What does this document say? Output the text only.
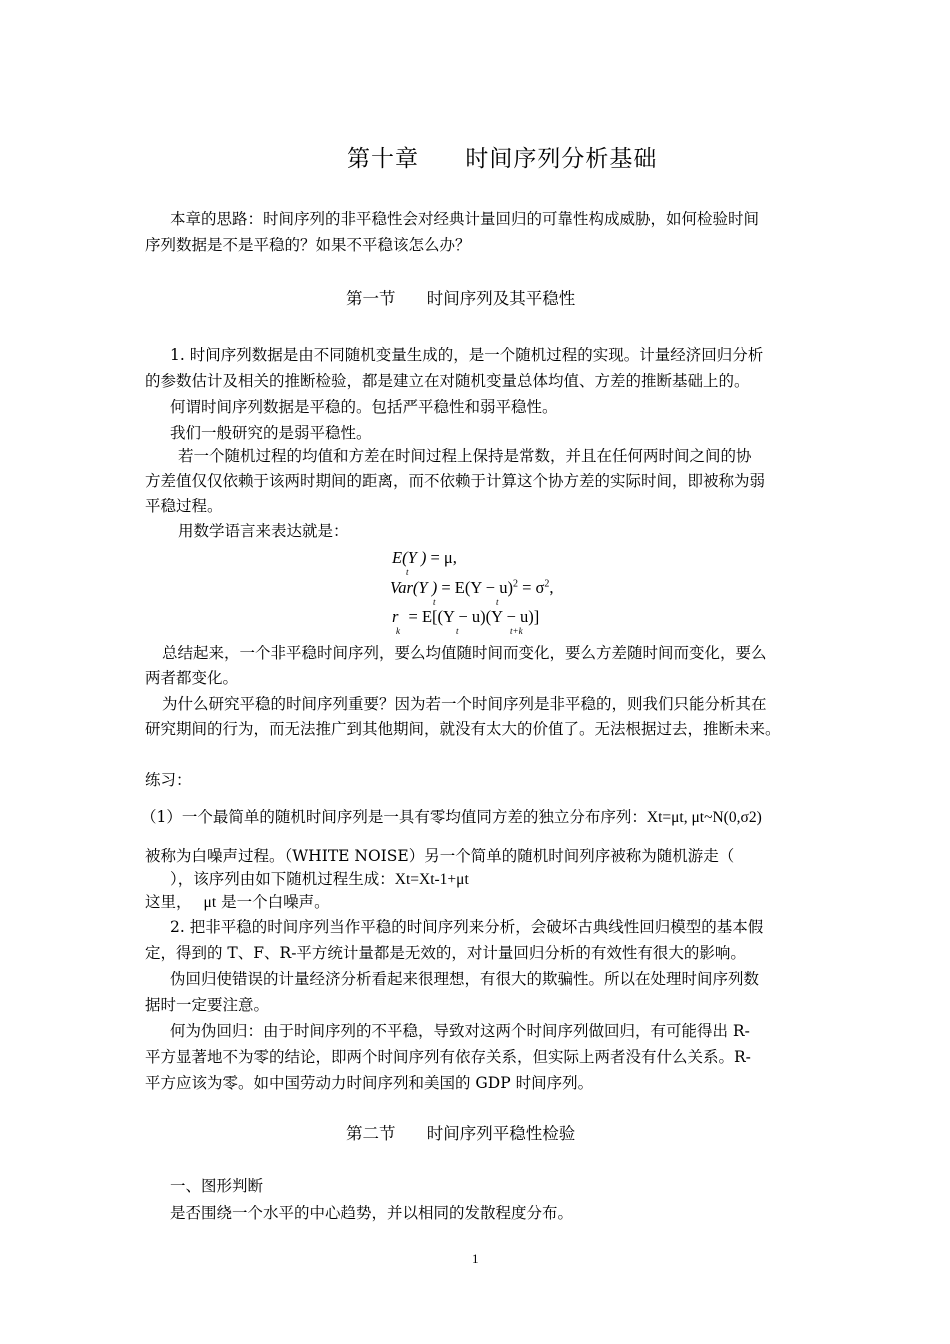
第十章 时间序列分析基础
本章的思路：时间序列的非平稳性会对经典计量回归的可靠性构成威胁，如何检验时间
序列数据是不是平稳的？如果不平稳该怎么办？
第一节 时间序列及其平稳性
1. 时间序列数据是由不同随机变量生成的，是一个随机过程的实现。计量经济回归分析
的参数估计及相关的推断检验，都是建立在对随机变量总体均值、方差的推断基础上的。
何谓时间序列数据是平稳的。包括严平稳性和弱平稳性。
我们一般研究的是弱平稳性。
若一个随机过程的均值和方差在时间过程上保持是常数，并且在任何两时间之间的协
方差值仅仅依赖于该两时期间的距离，而不依赖于计算这个协方差的实际时间，即被称为弱
平稳过程。
用数学语言来表达就是：
E(Y ) = μ,
t
Var(Y ) = $E(Y - u)^2 = \sigma^2$,
t	t
r = E[(Y − u)(Y − u)]
k	t	t+k
总结起来，一个非平稳时间序列，要么均值随时间而变化，要么方差随时间而变化，要么
两者都变化。
为什么研究平稳的时间序列重要？因为若一个时间序列是非平稳的，则我们只能分析其在
研究期间的行为，而无法推广到其他期间，就没有太大的价值了。无法根据过去，推断未来。
练习：
（1）一个最简单的随机时间序列是一具有零均值同方差的独立分布序列：Xt=μt, μt~N(0,σ2)
被称为白噪声过程。（WHITE NOISE）另一个简单的随机时间列序被称为随机游走（
），该序列由如下随机过程生成：Xt=Xt-1+μt
这里， μt 是一个白噪声。
2. 把非平稳的时间序列当作平稳的时间序列来分析，会破坏古典线性回归模型的基本假
定，得到的 T、F、R-平方统计量都是无效的，对计量回归分析的有效性有很大的影响。
伪回归使错误的计量经济分析看起来很理想，有很大的欺骗性。所以在处理时间序列数
据时一定要注意。
何为伪回归：由于时间序列的不平稳，导致对这两个时间序列做回归，有可能得出 R-
平方显著地不为零的结论，即两个时间序列有依存关系，但实际上两者没有什么关系。R-
平方应该为零。如中国劳动力时间序列和美国的 GDP 时间序列。
第二节 时间序列平稳性检验
一、图形判断
是否围绕一个水平的中心趋势，并以相同的发散程度分布。
1
